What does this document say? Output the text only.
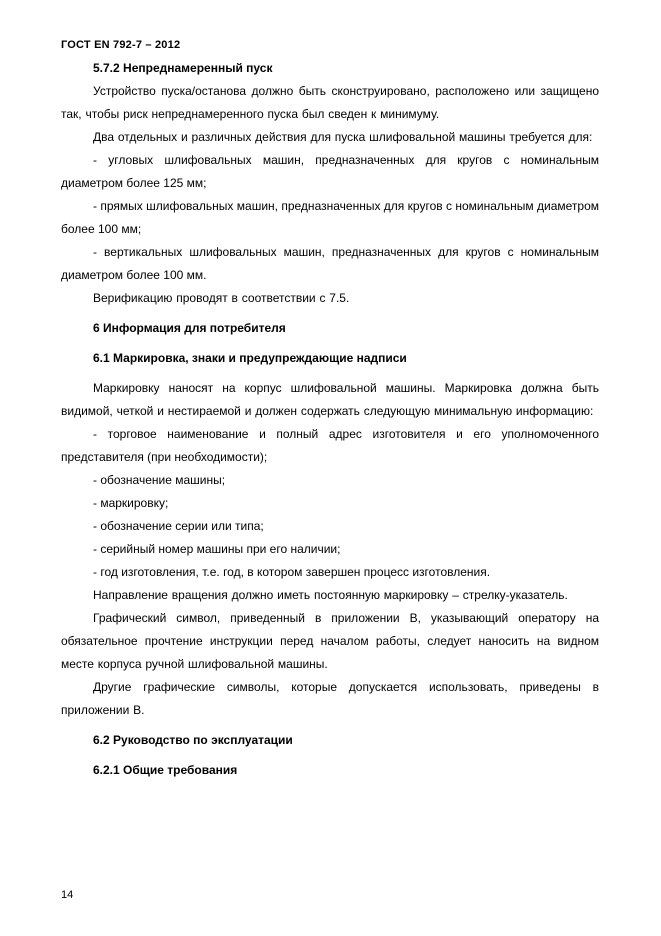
ГОСТ EN 792-7 – 2012

5.7.2 Непреднамеренный пуск

Устройство пуска/останова должно быть сконструировано, расположено или защищено так, чтобы риск непреднамеренного пуска был сведен к минимуму.

Два отдельных и различных действия для пуска шлифовальной машины требуется для:

- угловых шлифовальных машин, предназначенных для кругов с номинальным диаметром более 125 мм;

- прямых шлифовальных машин, предназначенных для кругов с номинальным диаметром более 100 мм;

- вертикальных шлифовальных машин, предназначенных для кругов с номинальным диаметром более 100 мм.

Верификацию проводят в соответствии с 7.5.

6 Информация для потребителя

6.1 Маркировка, знаки и предупреждающие надписи

Маркировку наносят на корпус шлифовальной машины. Маркировка должна быть видимой, четкой и нестираемой и должен содержать следующую минимальную информацию:

- торговое наименование и полный адрес изготовителя и его уполномоченного представителя (при необходимости);

- обозначение машины;

- маркировку;

- обозначение серии или типа;

- серийный номер машины при его наличии;

- год изготовления, т.е. год, в котором завершен процесс изготовления.

Направление вращения должно иметь постоянную маркировку – стрелку-указатель.

Графический символ, приведенный в приложении В, указывающий оператору на обязательное прочтение инструкции перед началом работы, следует наносить на видном месте корпуса ручной шлифовальной машины.

Другие графические символы, которые допускается использовать, приведены в приложении В.

6.2 Руководство по эксплуатации

6.2.1 Общие требования

14
